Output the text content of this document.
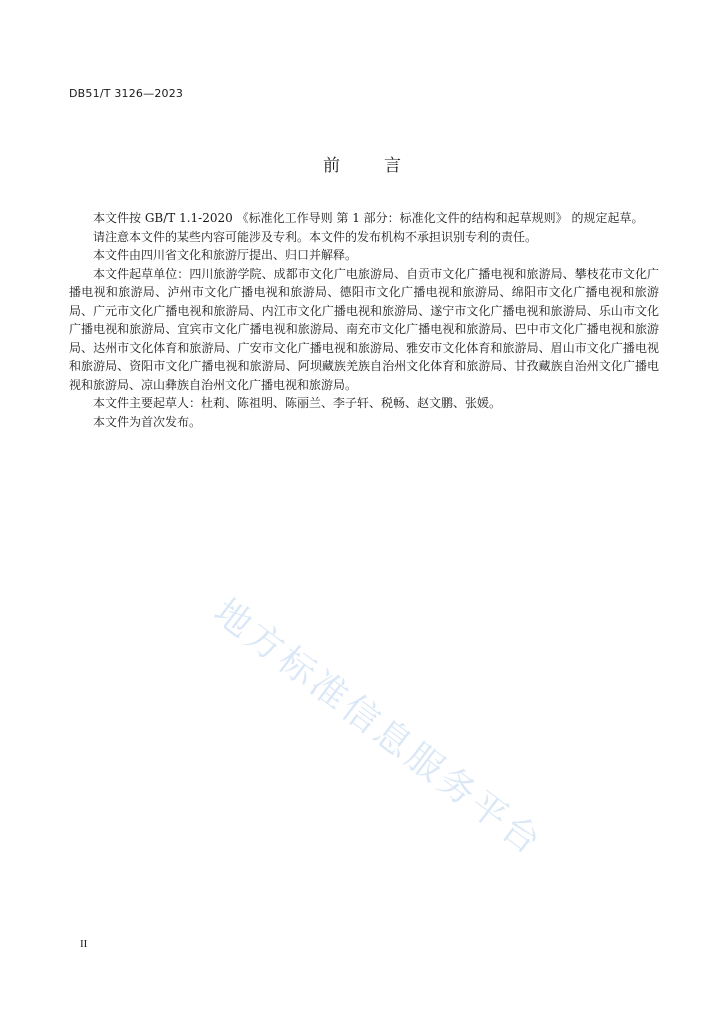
DB51/T 3126—2023
前言

本文件按 GB/T 1.1-2020 《标准化工作导则 第 1 部分：标准化文件的结构和起草规则》 的规定起草。

请注意本文件的某些内容可能涉及专利。本文件的发布机构不承担识别专利的责任。

本文件由四川省文化和旅游厅提出、归口并解释。

本文件起草单位：四川旅游学院、成都市文化广电旅游局、自贡市文化广播电视和旅游局、攀枝花市文化广播电视和旅游局、泸州市文化广播电视和旅游局、德阳市文化广播电视和旅游局、绵阳市文化广播电视和旅游局、广元市文化广播电视和旅游局、内江市文化广播电视和旅游局、遂宁市文化广播电视和旅游局、乐山市文化广播电视和旅游局、宜宾市文化广播电视和旅游局、南充市文化广播电视和旅游局、巴中市文化广播电视和旅游局、达州市文化体育和旅游局、广安市文化广播电视和旅游局、雅安市文化体育和旅游局、眉山市文化广播电视和旅游局、资阳市文化广播电视和旅游局、阿坝藏族羌族自治州文化体育和旅游局、甘孜藏族自治州文化广播电视和旅游局、凉山彝族自治州文化广播电视和旅游局。

本文件主要起草人：杜莉、陈祖明、陈丽兰、李子轩、税畅、赵文鹏、张媛。

本文件为首次发布。

地方标准信息服务平台
II
